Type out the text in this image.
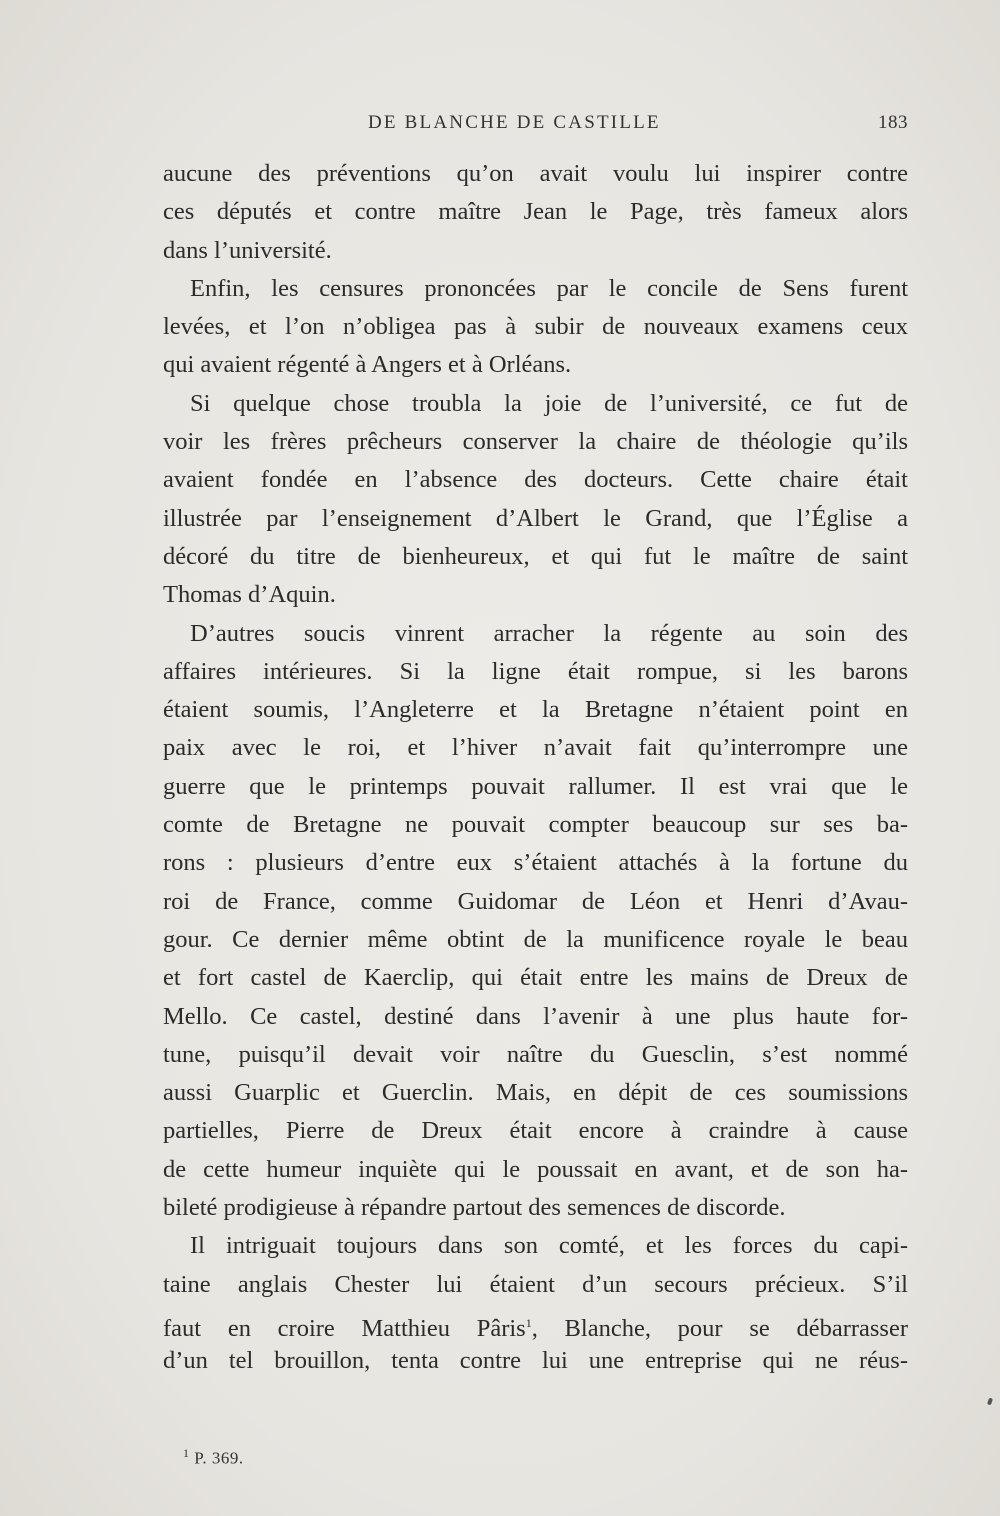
DE BLANCHE DE CASTILLE	183
aucune des préventions qu’on avait voulu lui inspirer contre
ces députés et contre maître Jean le Page, très fameux alors
dans l’université.
Enfin, les censures prononcées par le concile de Sens furent
levées, et l’on n’obligea pas à subir de nouveaux examens ceux
qui avaient régenté à Angers et à Orléans.
Si quelque chose troubla la joie de l’université, ce fut de
voir les frères prêcheurs conserver la chaire de théologie qu’ils
avaient fondée en l’absence des docteurs. Cette chaire était
illustrée par l’enseignement d’Albert le Grand, que l’Église a
décoré du titre de bienheureux, et qui fut le maître de saint
Thomas d’Aquin.
D’autres soucis vinrent arracher la régente au soin des
affaires intérieures. Si la ligne était rompue, si les barons
étaient soumis, l’Angleterre et la Bretagne n’étaient point en
paix avec le roi, et l’hiver n’avait fait qu’interrompre une
guerre que le printemps pouvait rallumer. Il est vrai que le
comte de Bretagne ne pouvait compter beaucoup sur ses ba-
rons : plusieurs d’entre eux s’étaient attachés à la fortune du
roi de France, comme Guidomar de Léon et Henri d’Avau-
gour. Ce dernier même obtint de la munificence royale le beau
et fort castel de Kaerclip, qui était entre les mains de Dreux de
Mello. Ce castel, destiné dans l’avenir à une plus haute for-
tune, puisqu’il devait voir naître du Guesclin, s’est nommé
aussi Guarplic et Guerclin. Mais, en dépit de ces soumissions
partielles, Pierre de Dreux était encore à craindre à cause
de cette humeur inquiète qui le poussait en avant, et de son ha-
bileté prodigieuse à répandre partout des semences de discorde.
Il intriguait toujours dans son comté, et les forces du capi-
taine anglais Chester lui étaient d’un secours précieux. S’il
faut en croire Matthieu Pâris$^1$, Blanche, pour se débarrasser
d’un tel brouillon, tenta contre lui une entreprise qui ne réus-
$^1$ P. 369.
